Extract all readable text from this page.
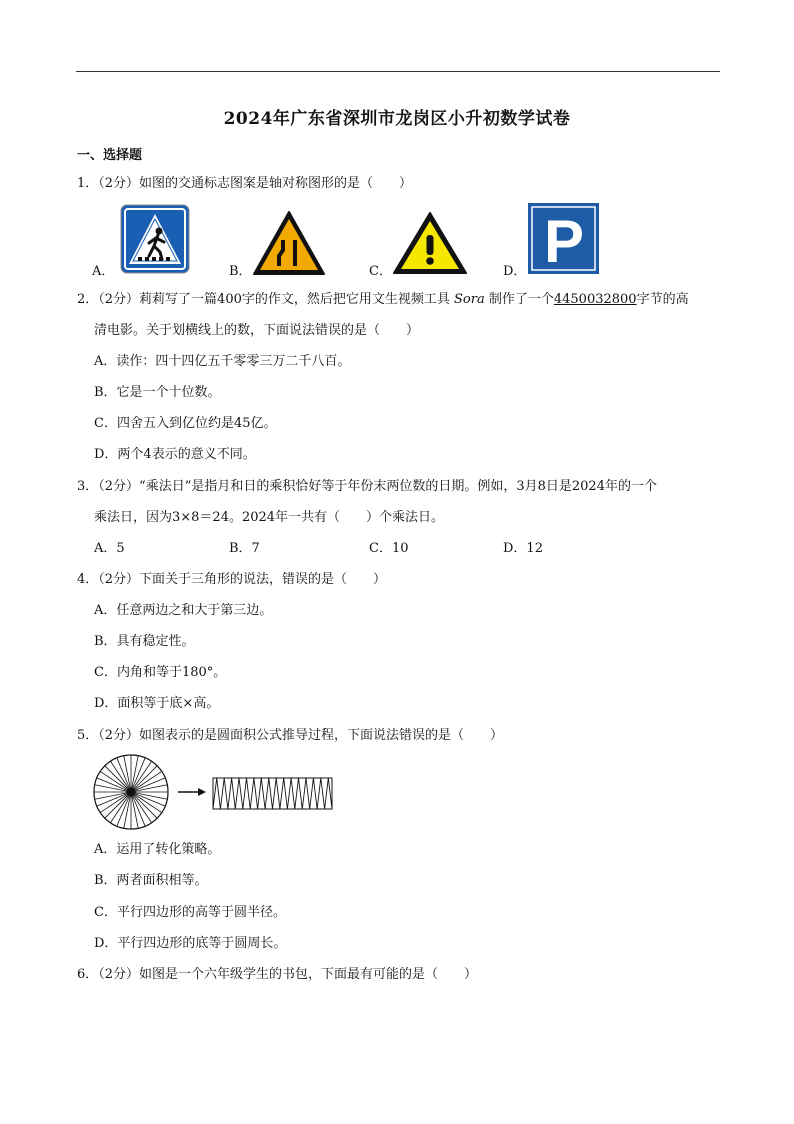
2024年广东省深圳市龙岗区小升初数学试卷
一、选择题
1．（2分）如图的交通标志图案是轴对称图形的是（　　）
A．	B．	C．	D． P
2．（2分）莉莉写了一篇400字的作文，然后把它用文生视频工具 Sora 制作了一个4450032800字节的高
清电影。关于划横线上的数，下面说法错误的是（　　）
A．读作：四十四亿五千零零三万二千八百。
B．它是一个十位数。
C．四舍五入到亿位约是45亿。
D．两个4表示的意义不同。
3．（2分）“乘法日”是指月和日的乘积恰好等于年份末两位数的日期。例如，3月8日是2024年的一个
乘法日，因为3×8＝24。2024年一共有（　　）个乘法日。
A．5	B．7	C．10	D．12
4．（2分）下面关于三角形的说法，错误的是（　　）
A．任意两边之和大于第三边。
B．具有稳定性。
C．内角和等于180°。
D．面积等于底×高。
5．（2分）如图表示的是圆面积公式推导过程，下面说法错误的是（　　）
A．运用了转化策略。
B．两者面积相等。
C．平行四边形的高等于圆半径。
D．平行四边形的底等于圆周长。
6．（2分）如图是一个六年级学生的书包，下面最有可能的是（　　）
